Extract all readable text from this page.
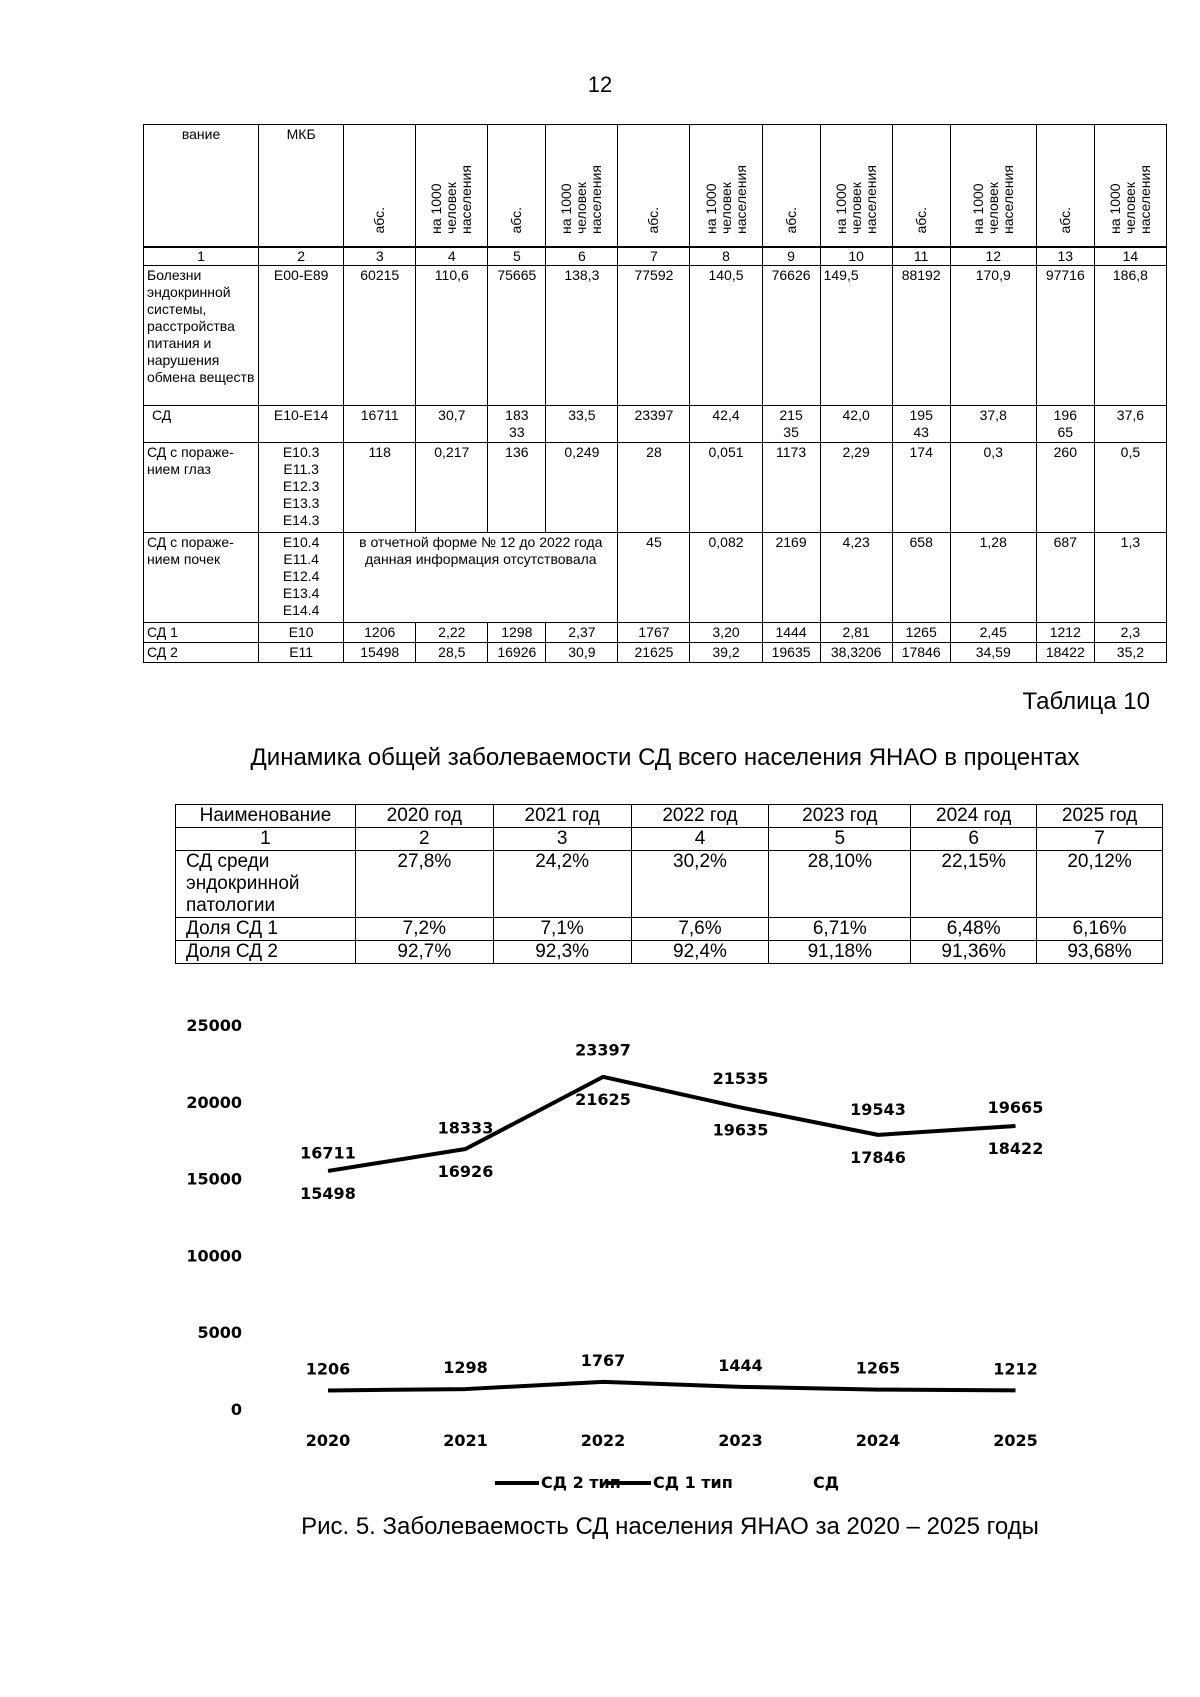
12
вание	МКБ	абс.	на 1000 человек населения	абс.	на 1000 человек населения	абс.	на 1000 человек населения	абс.	на 1000 человек населения	абс.	на 1000 человек населения	абс.	на 1000 человек населения
1	2	3	4	5	6	7	8	9	10	11	12	13	14
Болезни эндокринной системы, расстройства питания и нарушения обмена веществ	Е00-Е89	60215	110,6	75665	138,3	77592	140,5	76626	149,5	88192	170,9	97716	186,8
СД	Е10-Е14	16711	30,7	183 33	33,5	23397	42,4	215 35	42,0	195 43	37,8	196 65	37,6
СД с пораже-нием глаз	Е10.3 Е11.3 Е12.3 Е13.3 Е14.3	118	0,217	136	0,249	28	0,051	1173	2,29	174	0,3	260	0,5
СД с пораже-нием почек	Е10.4 Е11.4 Е12.4 Е13.4 Е14.4	в отчетной форме № 12 до 2022 года данная информация отсутствовала				45	0,082	2169	4,23	658	1,28	687	1,3
СД 1	Е10	1206	2,22	1298	2,37	1767	3,20	1444	2,81	1265	2,45	1212	2,3
СД 2	Е11	15498	28,5	16926	30,9	21625	39,2	19635	38,3206	17846	34,59	18422	35,2
Таблица 10
Динамика общей заболеваемости СД всего населения ЯНАО в процентах
Наименование	2020 год	2021 год	2022 год	2023 год	2024 год	2025 год
1	2	3	4	5	6	7
СД среди эндокринной патологии	27,8%	24,2%	30,2%	28,10%	22,15%	20,12%
Доля СД 1	7,2%	7,1%	7,6%	6,71%	6,48%	6,16%
Доля СД 2	92,7%	92,3%	92,4%	91,18%	91,36%	93,68%
0
5000
10000
15000
20000
25000
2020	2021	2022	2023	2024	2025
15498
16926
21625
19635
17846	18422
1206	1298	1767	1444	1265	1212
16711
18333
23397
21535
19543	19665
СД 2 тип СД 1 тип	СД
Рис. 5. Заболеваемость СД населения ЯНАО за 2020 – 2025 годы
